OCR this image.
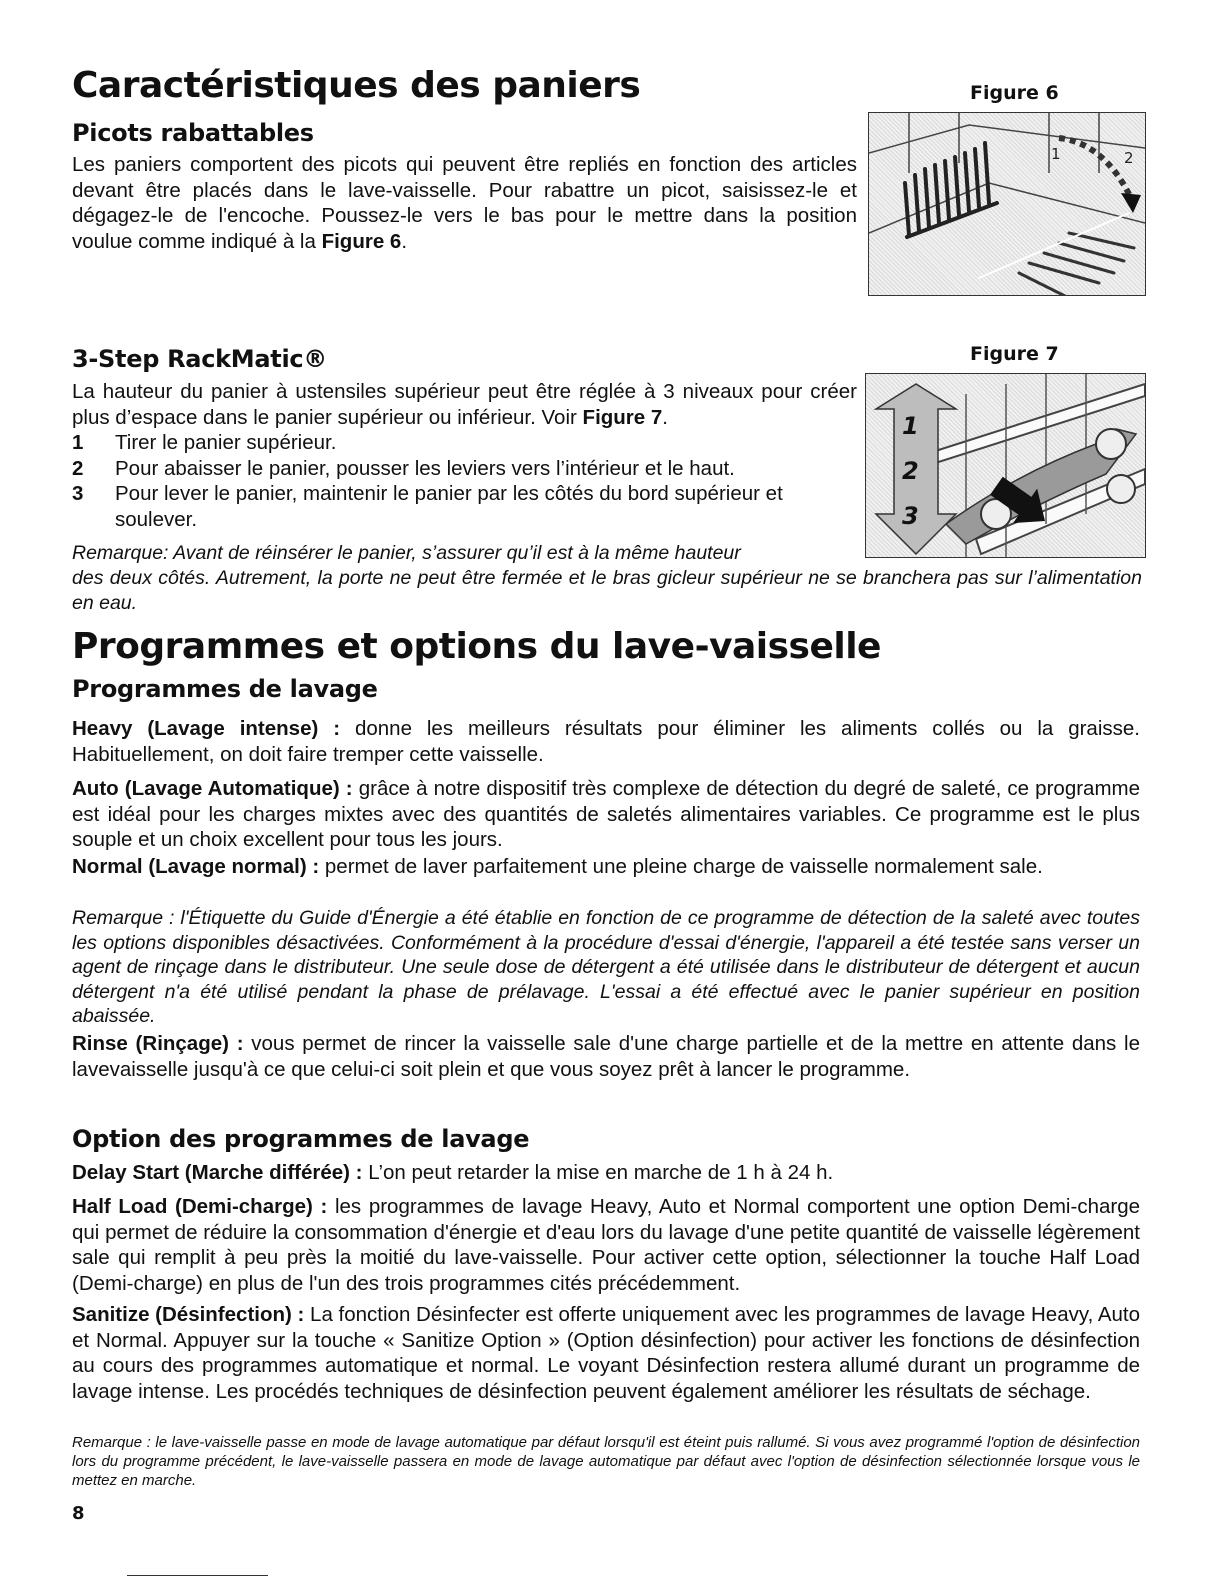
Caractéristiques des paniers
Picots rabattables
Les paniers comportent des picots qui peuvent être repliés en fonction des articles devant être placés dans le lave-vaisselle. Pour rabattre un picot, saisissez-le et dégagez-le de l'encoche. Poussez-le vers le bas pour le mettre dans la position voulue comme indiqué à la Figure 6.
Figure 6
1	2
3-Step RackMatic®
La hauteur du panier à ustensiles supérieur peut être réglée à 3 niveaux pour créer plus d’espace dans le panier supérieur ou inférieur. Voir Figure 7.
1	Tirer le panier supérieur.
2	Pour abaisser le panier, pousser les leviers vers l’intérieur et le haut.
3	Pour lever le panier, maintenir le panier par les côtés du bord supérieur et soulever.
Remarque: Avant de réinsérer le panier, s’assurer qu’il est à la même hauteur
des deux côtés. Autrement, la porte ne peut être fermée et le bras gicleur supérieur ne se branchera pas sur l’alimentation en eau.
Figure 7
1
2
3
Programmes et options du lave-vaisselle
Programmes de lavage
Heavy (Lavage intense) : donne les meilleurs résultats pour éliminer les aliments collés ou la graisse. Habituellement, on doit faire tremper cette vaisselle.
Auto (Lavage Automatique) : grâce à notre dispositif très complexe de détection du degré de saleté, ce programme est idéal pour les charges mixtes avec des quantités de saletés alimentaires variables. Ce programme est le plus souple et un choix excellent pour tous les jours.
Normal (Lavage normal) : permet de laver parfaitement une pleine charge de vaisselle normalement sale.
Remarque : l'Étiquette du Guide d'Énergie a été établie en fonction de ce programme de détection de la saleté avec toutes les options disponibles désactivées. Conformément à la procédure d'essai d'énergie, l'appareil a été testée sans verser un agent de rinçage dans le distributeur. Une seule dose de détergent a été utilisée dans le distributeur de détergent et aucun détergent n'a été utilisé pendant la phase de prélavage. L'essai a été effectué avec le panier supérieur en position abaissée.
Rinse (Rinçage) : vous permet de rincer la vaisselle sale d'une charge partielle et de la mettre en attente dans le lavevaisselle jusqu'à ce que celui-ci soit plein et que vous soyez prêt à lancer le programme.
Option des programmes de lavage
Delay Start (Marche différée) : L’on peut retarder la mise en marche de 1 h à 24 h.
Half Load (Demi-charge) : les programmes de lavage Heavy, Auto et Normal comportent une option Demi-charge qui permet de réduire la consommation d'énergie et d'eau lors du lavage d'une petite quantité de vaisselle légèrement sale qui remplit à peu près la moitié du lave-vaisselle. Pour activer cette option, sélectionner la touche Half Load (Demi-charge) en plus de l'un des trois programmes cités précédemment.
Sanitize (Désinfection) : La fonction Désinfecter est offerte uniquement avec les programmes de lavage Heavy, Auto et Normal. Appuyer sur la touche « Sanitize Option » (Option désinfection) pour activer les fonctions de désinfection au cours des programmes automatique et normal. Le voyant Désinfection restera allumé durant un programme de lavage intense. Les procédés techniques de désinfection peuvent également améliorer les résultats de séchage.
Remarque : le lave-vaisselle passe en mode de lavage automatique par défaut lorsqu'il est éteint puis rallumé. Si vous avez programmé l'option de désinfection lors du programme précédent, le lave-vaisselle passera en mode de lavage automatique par défaut avec l'option de désinfection sélectionnée lorsque vous le mettez en marche.
8
